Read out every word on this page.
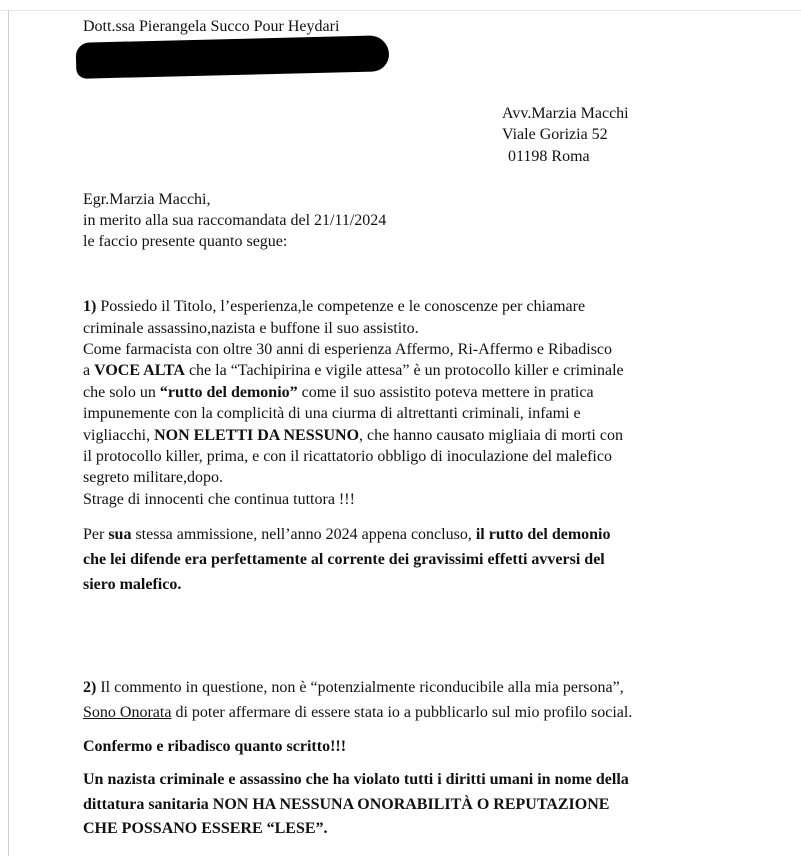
Dott.ssa Pierangela Succo Pour Heydari
Avv.Marzia Macchi
Viale Gorizia 52
01198 Roma
Egr.Marzia Macchi,
in merito alla sua raccomandata del 21/11/2024
le faccio presente quanto segue:
1) Possiedo il Titolo, l’esperienza,le competenze e le conoscenze per chiamare
criminale assassino,nazista e buffone il suo assistito.
Come farmacista con oltre 30 anni di esperienza Affermo, Ri-Affermo e Ribadisco
a VOCE ALTA che la “Tachipirina e vigile attesa” è un protocollo killer e criminale
che solo un “rutto del demonio” come il suo assistito poteva mettere in pratica
impunemente con la complicità di una ciurma di altrettanti criminali, infami e
vigliacchi, NON ELETTI DA NESSUNO, che hanno causato migliaia di morti con
il protocollo killer, prima, e con il ricattatorio obbligo di inoculazione del malefico
segreto militare,dopo.
Strage di innocenti che continua tuttora !!!
Per sua stessa ammissione, nell’anno 2024 appena concluso, il rutto del demonio
che lei difende era perfettamente al corrente dei gravissimi effetti avversi del
siero malefico.
2) Il commento in questione, non è “potenzialmente riconducibile alla mia persona”,
Sono Onorata di poter affermare di essere stata io a pubblicarlo sul mio profilo social.
Confermo e ribadisco quanto scritto!!!
Un nazista criminale e assassino che ha violato tutti i diritti umani in nome della
dittatura sanitaria NON HA NESSUNA ONORABILITÀ O REPUTAZIONE
CHE POSSANO ESSERE “LESE”.
